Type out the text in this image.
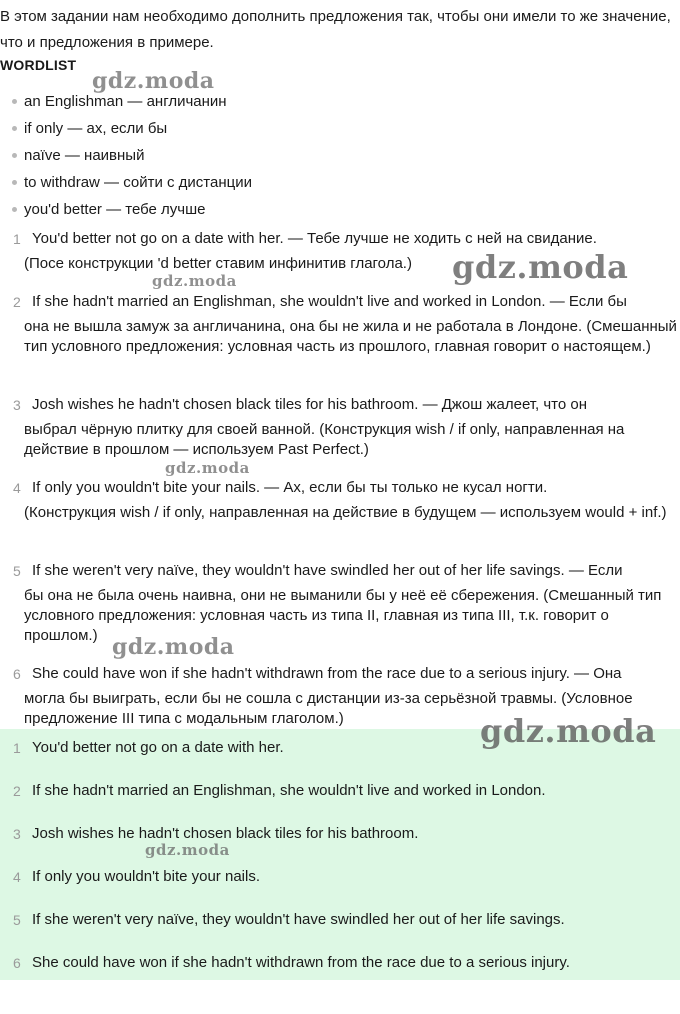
В этом задании нам необходимо дополнить предложения так, чтобы они имели то же значение, что и предложения в примере.
WORDLIST
an Englishman — англичанин
if only — ах, если бы
naïve — наивный
to withdraw — сойти с дистанции
you'd better — тебе лучше
1 You'd better not go on a date with her. — Тебе лучше не ходить с ней на свидание.
(Посе конструкции 'd better ставим инфинитив глагола.)
2 If she hadn't married an Englishman, she wouldn't live and worked in London. — Если бы
она не вышла замуж за англичанина, она бы не жила и не работала в Лондоне. (Смешанный тип условного предложения: условная часть из прошлого, главная говорит о настоящем.)
3 Josh wishes he hadn't chosen black tiles for his bathroom. — Джош жалеет, что он
выбрал чёрную плитку для своей ванной. (Конструкция wish / if only, направленная на действие в прошлом — используем Past Perfect.)
4 If only you wouldn't bite your nails. — Ах, если бы ты только не кусал ногти.
(Конструкция wish / if only, направленная на действие в будущем — используем would + inf.)
5 If she weren't very naïve, they wouldn't have swindled her out of her life savings. — Если
бы она не была очень наивна, они не выманили бы у неё её сбережения. (Смешанный тип условного предложения: условная часть из типа II, главная из типа III, т.к. говорит о прошлом.)
6 She could have won if she hadn't withdrawn from the race due to a serious injury. — Она
могла бы выиграть, если бы не сошла с дистанции из-за серьёзной травмы. (Условное предложение III типа с модальным глаголом.)
1 You'd better not go on a date with her.
2 If she hadn't married an Englishman, she wouldn't live and worked in London.
3 Josh wishes he hadn't chosen black tiles for his bathroom.
4 If only you wouldn't bite your nails.
5 If she weren't very naïve, they wouldn't have swindled her out of her life savings.
6 She could have won if she hadn't withdrawn from the race due to a serious injury.
gdz.moda
gdz.moda	gdz.moda
gdz.moda
gdz.moda
gdz.moda
gdz.moda
